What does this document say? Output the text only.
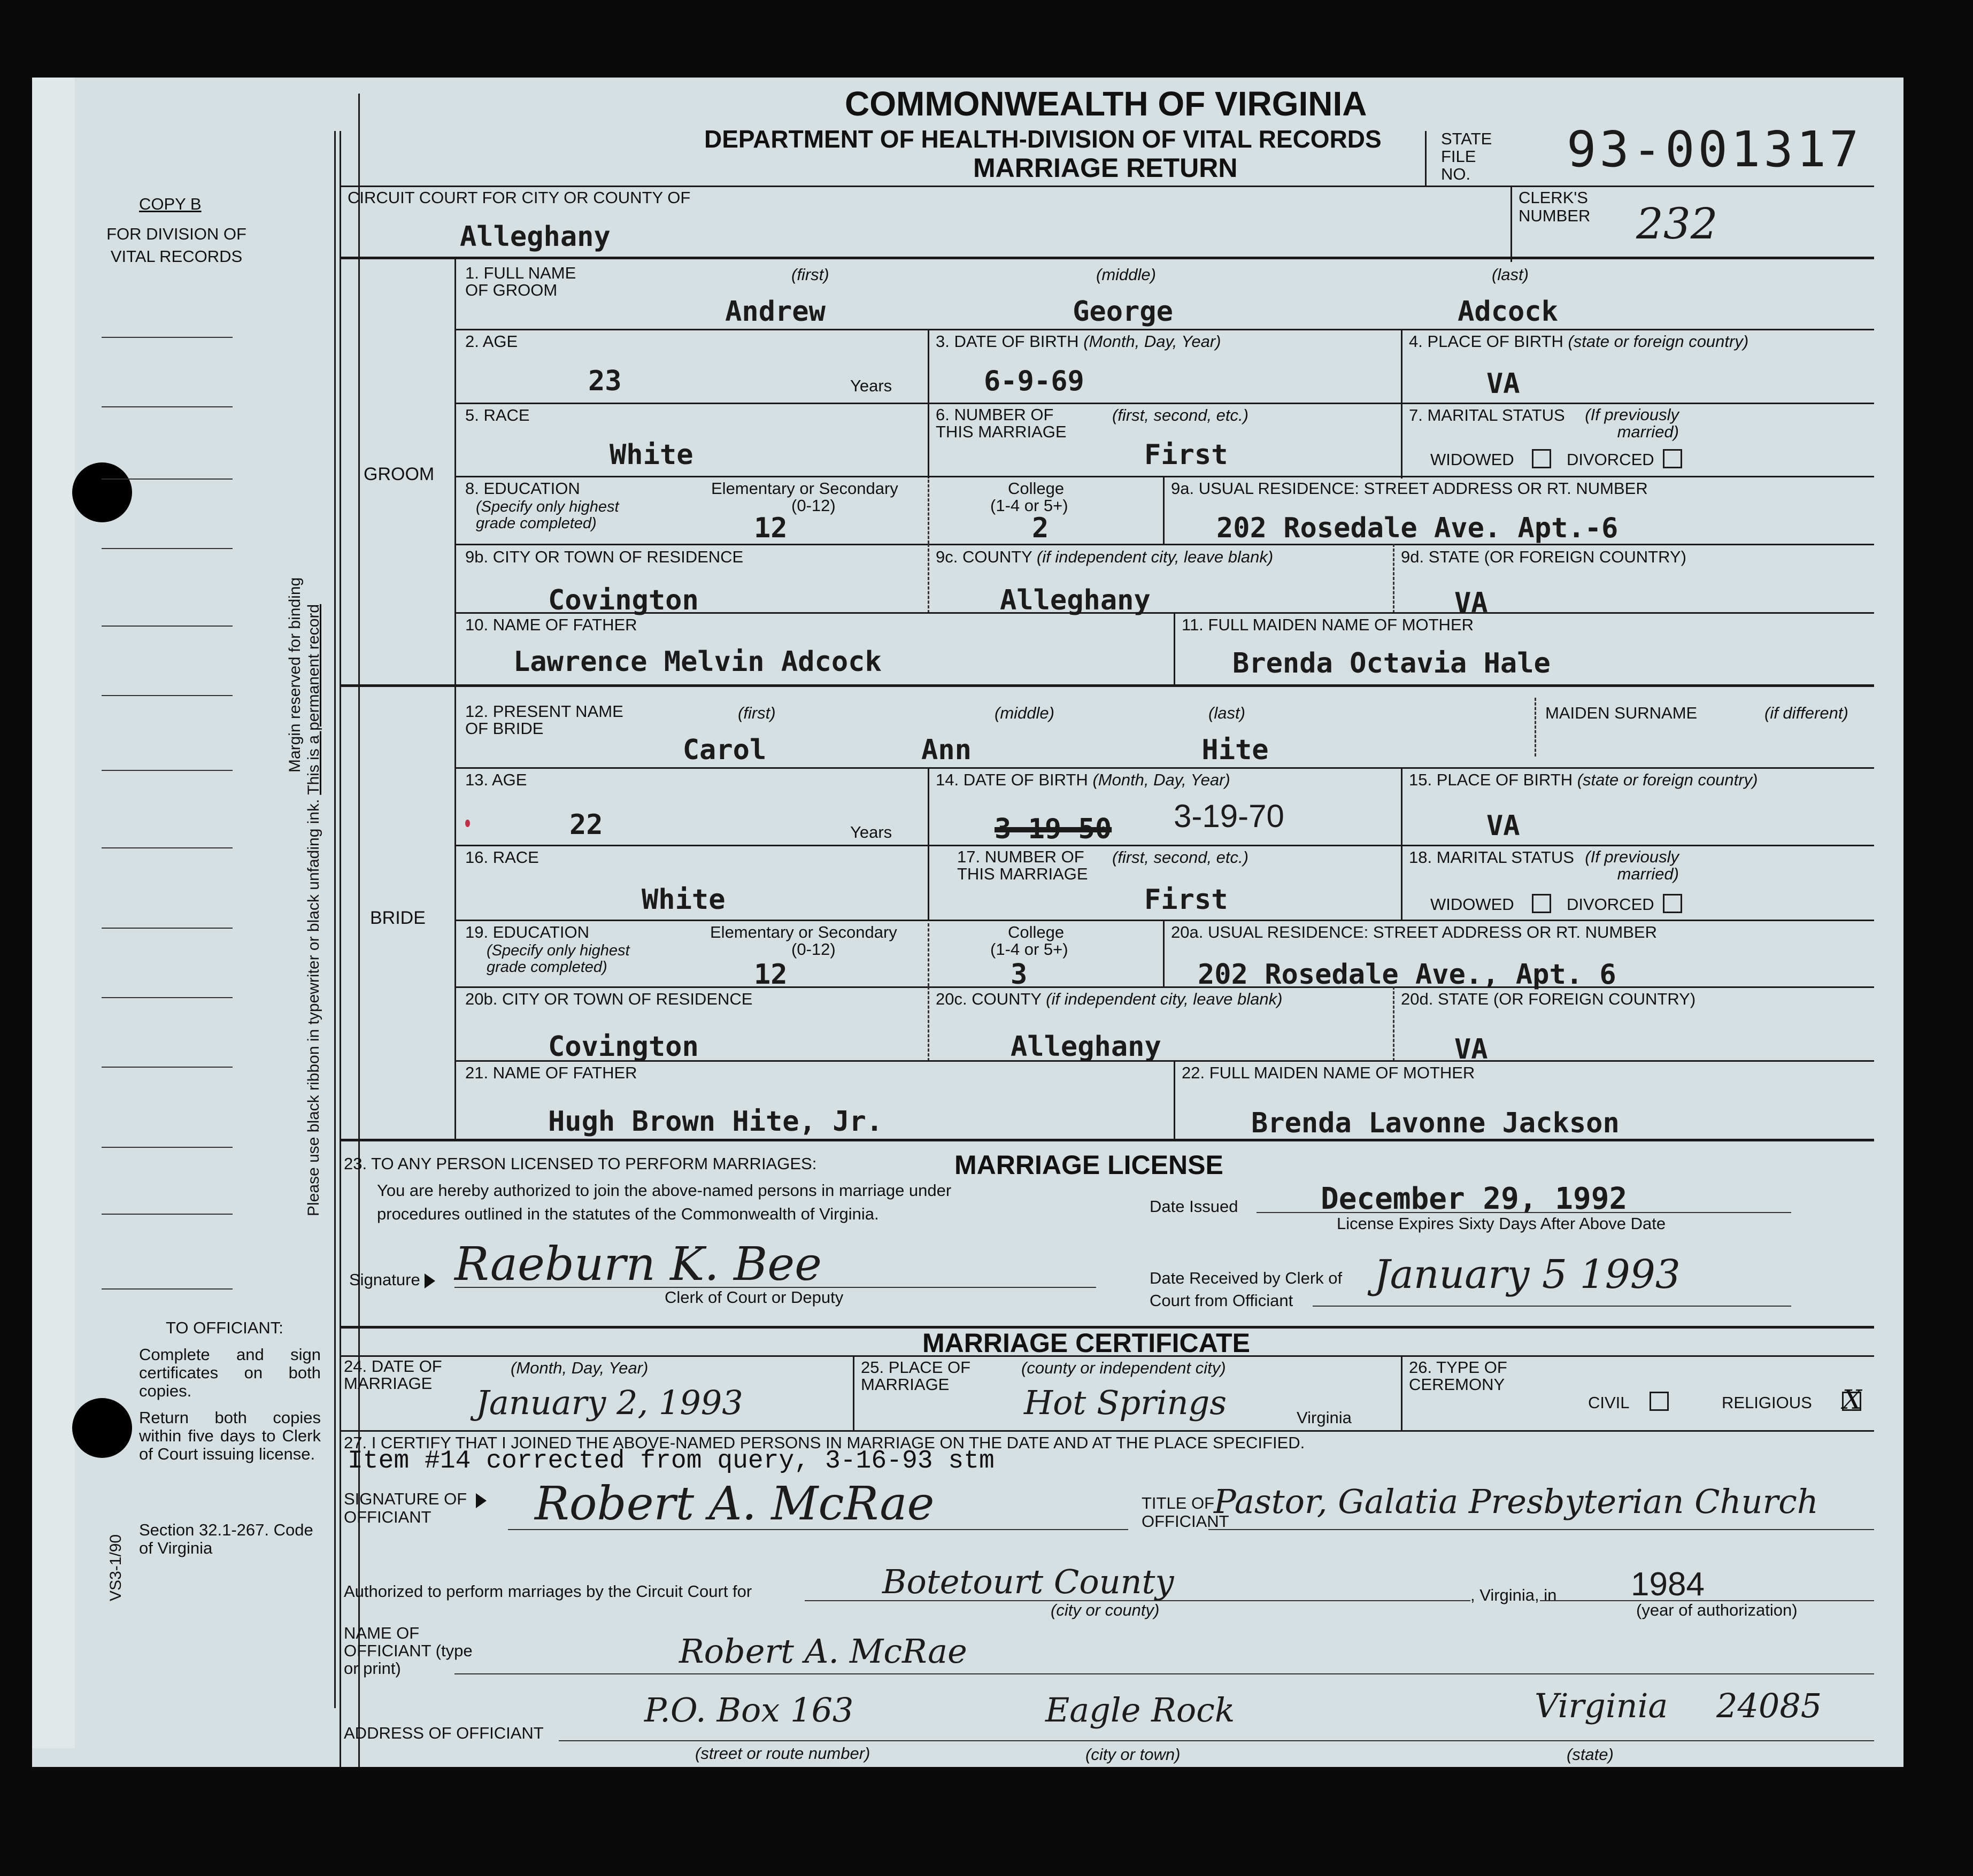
COPY B
FOR DIVISION OF VITAL RECORDS
Margin reserved for binding
Please use black ribbon in typewriter or black unfading ink. This is a permanent record
TO OFFICIANT:
Complete and sign certificates on both copies.
Return both copies within five days to Clerk of Court issuing license.
Section 32.1-267. Code of Virginia
VS3-1/90
COMMONWEALTH OF VIRGINIA
DEPARTMENT OF HEALTH-DIVISION OF VITAL RECORDS
MARRIAGE RETURN
STATE FILE NO.	93-001317
CIRCUIT COURT FOR CITY OR COUNTY OF
Alleghany
CLERK'S NUMBER	232
GROOM
1. FULL NAME OF GROOM
(first)	(middle)	(last)
Andrew	George	Adcock
2. AGE
23	Years
3. DATE OF BIRTH (Month, Day, Year)
6-9-69
4. PLACE OF BIRTH (state or foreign country)
VA
5. RACE
White
6. NUMBER OF THIS MARRIAGE
(first, second, etc.)
First
7. MARITAL STATUS	(If previously married)
WIDOWED	DIVORCED
8. EDUCATION
(Specify only highest grade completed)
Elementary or Secondary
(0-12)
12
College
(1-4 or 5+)
2
9a. USUAL RESIDENCE: STREET ADDRESS OR RT. NUMBER
202 Rosedale Ave. Apt.-6
9b. CITY OR TOWN OF RESIDENCE
Covington
9c. COUNTY (if independent city, leave blank)
Alleghany
9d. STATE (OR FOREIGN COUNTRY)
VA
10. NAME OF FATHER
Lawrence Melvin Adcock
11. FULL MAIDEN NAME OF MOTHER
Brenda Octavia Hale
BRIDE
12. PRESENT NAME OF BRIDE
(first)	(middle)	(last)
Carol	Ann	Hite
MAIDEN SURNAME	(if different)
13. AGE
22	Years
14. DATE OF BIRTH (Month, Day, Year)
3-19-50 3-19-70
15. PLACE OF BIRTH (state or foreign country)
VA
16. RACE
White
17. NUMBER OF THIS MARRIAGE
(first, second, etc.)
First
18. MARITAL STATUS (If previously married)
WIDOWED	DIVORCED
19. EDUCATION
(Specify only highest grade completed)
Elementary or Secondary
(0-12)
12
College
(1-4 or 5+)
3
20a. USUAL RESIDENCE: STREET ADDRESS OR RT. NUMBER
202 Rosedale Ave., Apt. 6
20b. CITY OR TOWN OF RESIDENCE
Covington
20c. COUNTY (if independent city, leave blank)
Alleghany
20d. STATE (OR FOREIGN COUNTRY)
VA
21. NAME OF FATHER
Hugh Brown Hite, Jr.
22. FULL MAIDEN NAME OF MOTHER
Brenda Lavonne Jackson
MARRIAGE LICENSE
23. TO ANY PERSON LICENSED TO PERFORM MARRIAGES:
You are hereby authorized to join the above-named persons in marriage under procedures outlined in the statutes of the Commonwealth of Virginia.	Date Issued	December 29, 1992
License Expires Sixty Days After Above Date
Signature Raeburn K. Bee
Clerk of Court or Deputy
Date Received by Clerk of Court from Officiant
January 5 1993
MARRIAGE CERTIFICATE
24. DATE OF MARRIAGE
(Month, Day, Year)
January 2, 1993
25. PLACE OF MARRIAGE
(county or independent city)
Hot Springs	Virginia
26. TYPE OF CEREMONY
CIVIL	RELIGIOUS X
27. I CERTIFY THAT I JOINED THE ABOVE-NAMED PERSONS IN MARRIAGE ON THE DATE AND AT THE PLACE SPECIFIED.
Item #14 corrected from query, 3-16-93 stm
SIGNATURE OF OFFICIANT	Robert A. McRae	TITLE OF OFFICIANT
Pastor, Galatia Presbyterian Church
Authorized to perform marriages by the Circuit Court for	Botetourt County
(city or county)
, Virginia, in 1984
(year of authorization)
NAME OF OFFICIANT (type or print)	Robert A. McRae
ADDRESS OF OFFICIANT
P.O. Box 163	Eagle Rock	Virginia 24085
(street or route number)	(city or town)	(state)
